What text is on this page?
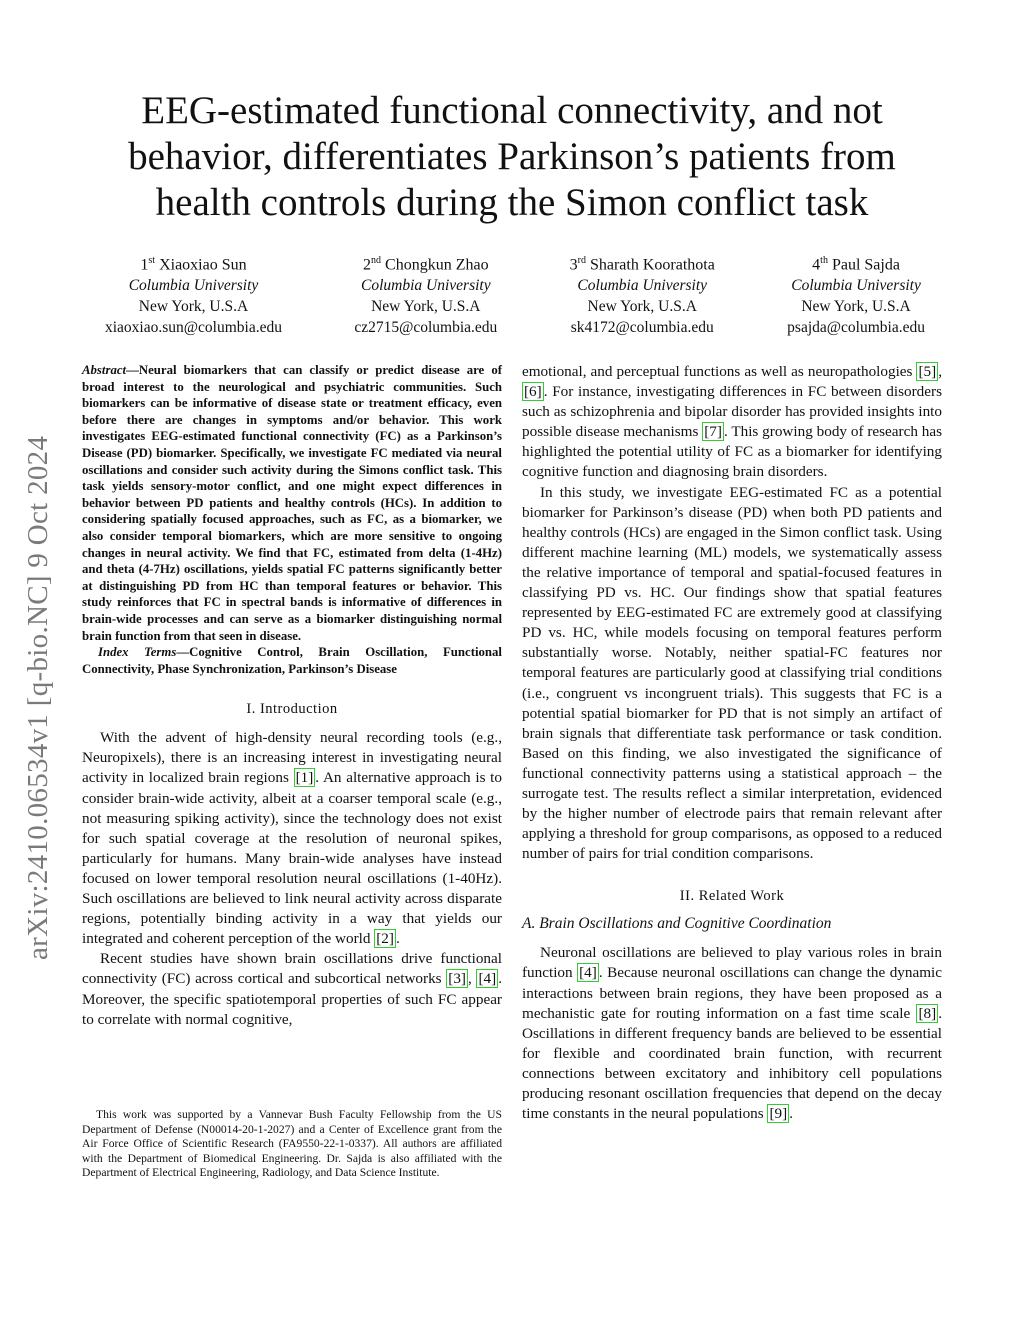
arXiv:2410.06534v1 [q-bio.NC] 9 Oct 2024
EEG-estimated functional connectivity, and not behavior, differentiates Parkinson’s patients from health controls during the Simon conflict task
1st Xiaoxiao Sun
Columbia University
New York, U.S.A
xiaoxiao.sun@columbia.edu
2nd Chongkun Zhao
Columbia University
New York, U.S.A
cz2715@columbia.edu
3rd Sharath Koorathota
Columbia University
New York, U.S.A
sk4172@columbia.edu
4th Paul Sajda
Columbia University
New York, U.S.A
psajda@columbia.edu

Abstract—Neural biomarkers that can classify or predict disease are of broad interest to the neurological and psychiatric communities. Such biomarkers can be informative of disease state or treatment efficacy, even before there are changes in symptoms and/or behavior. This work investigates EEG-estimated functional connectivity (FC) as a Parkinson’s Disease (PD) biomarker. Specifically, we investigate FC mediated via neural oscillations and consider such activity during the Simons conflict task. This task yields sensory-motor conflict, and one might expect differences in behavior between PD patients and healthy controls (HCs). In addition to considering spatially focused approaches, such as FC, as a biomarker, we also consider temporal biomarkers, which are more sensitive to ongoing changes in neural activity. We find that FC, estimated from delta (1-4Hz) and theta (4-7Hz) oscillations, yields spatial FC patterns significantly better at distinguishing PD from HC than temporal features or behavior. This study reinforces that FC in spectral bands is informative of differences in brain-wide processes and can serve as a biomarker distinguishing normal brain function from that seen in disease.

Index Terms—Cognitive Control, Brain Oscillation, Functional Connectivity, Phase Synchronization, Parkinson’s Disease

I. Introduction

With the advent of high-density neural recording tools (e.g., Neuropixels), there is an increasing interest in investigating neural activity in localized brain regions [1] . An alternative approach is to consider brain-wide activity, albeit at a coarser temporal scale (e.g., not measuring spiking activity), since the technology does not exist for such spatial coverage at the resolution of neuronal spikes, particularly for humans. Many brain-wide analyses have instead focused on lower temporal resolution neural oscillations (1-40Hz). Such oscillations are believed to link neural activity across disparate regions, potentially binding activity in a way that yields our integrated and coherent perception of the world [2] .

Recent studies have shown brain oscillations drive functional connectivity (FC) across cortical and subcortical networks [3] , [4] . Moreover, the specific spatiotemporal properties of such FC appear to correlate with normal cognitive,

This work was supported by a Vannevar Bush Faculty Fellowship from the US Department of Defense (N00014-20-1-2027) and a Center of Excellence grant from the Air Force Office of Scientific Research (FA9550-22-1-0337). All authors are affiliated with the Department of Biomedical Engineering. Dr. Sajda is also affiliated with the Department of Electrical Engineering, Radiology, and Data Science Institute.

emotional, and perceptual functions as well as neuropathologies [5] , [6] . For instance, investigating differences in FC between disorders such as schizophrenia and bipolar disorder has provided insights into possible disease mechanisms [7] . This growing body of research has highlighted the potential utility of FC as a biomarker for identifying cognitive function and diagnosing brain disorders.

In this study, we investigate EEG-estimated FC as a potential biomarker for Parkinson’s disease (PD) when both PD patients and healthy controls (HCs) are engaged in the Simon conflict task. Using different machine learning (ML) models, we systematically assess the relative importance of temporal and spatial-focused features in classifying PD vs. HC. Our findings show that spatial features represented by EEG-estimated FC are extremely good at classifying PD vs. HC, while models focusing on temporal features perform substantially worse. Notably, neither spatial-FC features nor temporal features are particularly good at classifying trial conditions (i.e., congruent vs incongruent trials). This suggests that FC is a potential spatial biomarker for PD that is not simply an artifact of brain signals that differentiate task performance or task condition. Based on this finding, we also investigated the significance of functional connectivity patterns using a statistical approach – the surrogate test. The results reflect a similar interpretation, evidenced by the higher number of electrode pairs that remain relevant after applying a threshold for group comparisons, as opposed to a reduced number of pairs for trial condition comparisons.

II. Related Work
A. Brain Oscillations and Cognitive Coordination

Neuronal oscillations are believed to play various roles in brain function [4] . Because neuronal oscillations can change the dynamic interactions between brain regions, they have been proposed as a mechanistic gate for routing information on a fast time scale [8] . Oscillations in different frequency bands are believed to be essential for flexible and coordinated brain function, with recurrent connections between excitatory and inhibitory cell populations producing resonant oscillation frequencies that depend on the decay time constants in the neural populations [9] .
